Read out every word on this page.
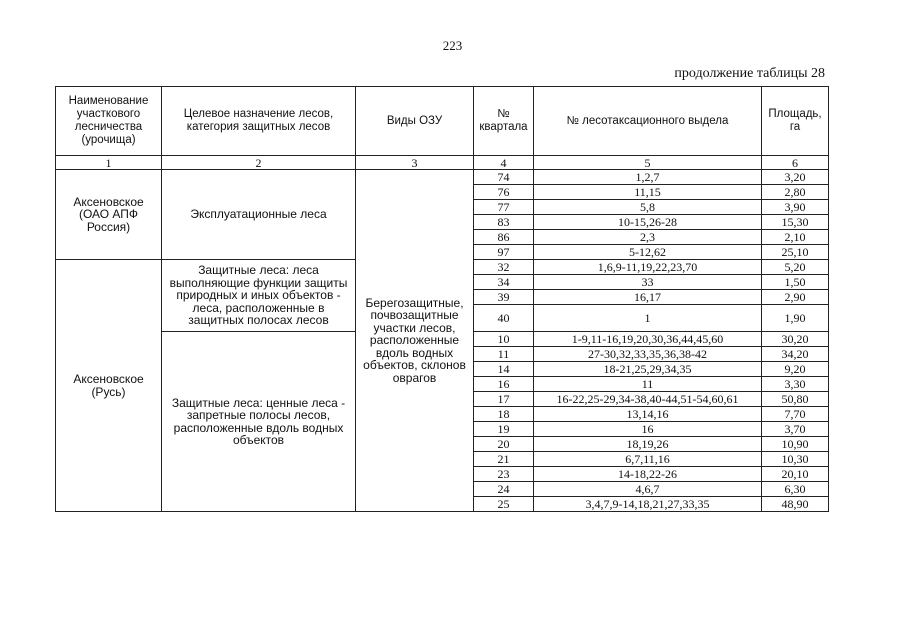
223
продолжение таблицы 28
Наименование участкового лесничества (урочища)	Целевое назначение лесов, категория защитных лесов	Виды ОЗУ	№ квартала	№ лесотаксационного выдела	Площадь, га
1	2	3	4	5	6
Аксеновское (ОАО АПФ Россия)	Эксплуатационные леса	Берегозащитные, почвозащитные участки лесов, расположенные вдоль водных объектов, склонов оврагов	74	1,2,7	3,20
			76	11,15	2,80
			77	5,8	3,90
			83	10-15,26-28	15,30
			86	2,3	2,10
			97	5-12,62	25,10
Аксеновское (Русь)	Защитные леса: леса выполняющие функции защиты природных и иных объектов - леса, расположенные в защитных полосах лесов		32	1,6,9-11,19,22,23,70	5,20
			34	33	1,50
			39	16,17	2,90
			40	1	1,90
	Защитные леса: ценные леса - запретные полосы лесов, расположенные вдоль водных объектов		10	1-9,11-16,19,20,30,36,44,45,60	30,20
			11	27-30,32,33,35,36,38-42	34,20
			14	18-21,25,29,34,35	9,20
			16	11	3,30
			17	16-22,25-29,34-38,40-44,51-54,60,61	50,80
			18	13,14,16	7,70
			19	16	3,70
			20	18,19,26	10,90
			21	6,7,11,16	10,30
			23	14-18,22-26	20,10
			24	4,6,7	6,30
			25	3,4,7,9-14,18,21,27,33,35	48,90
